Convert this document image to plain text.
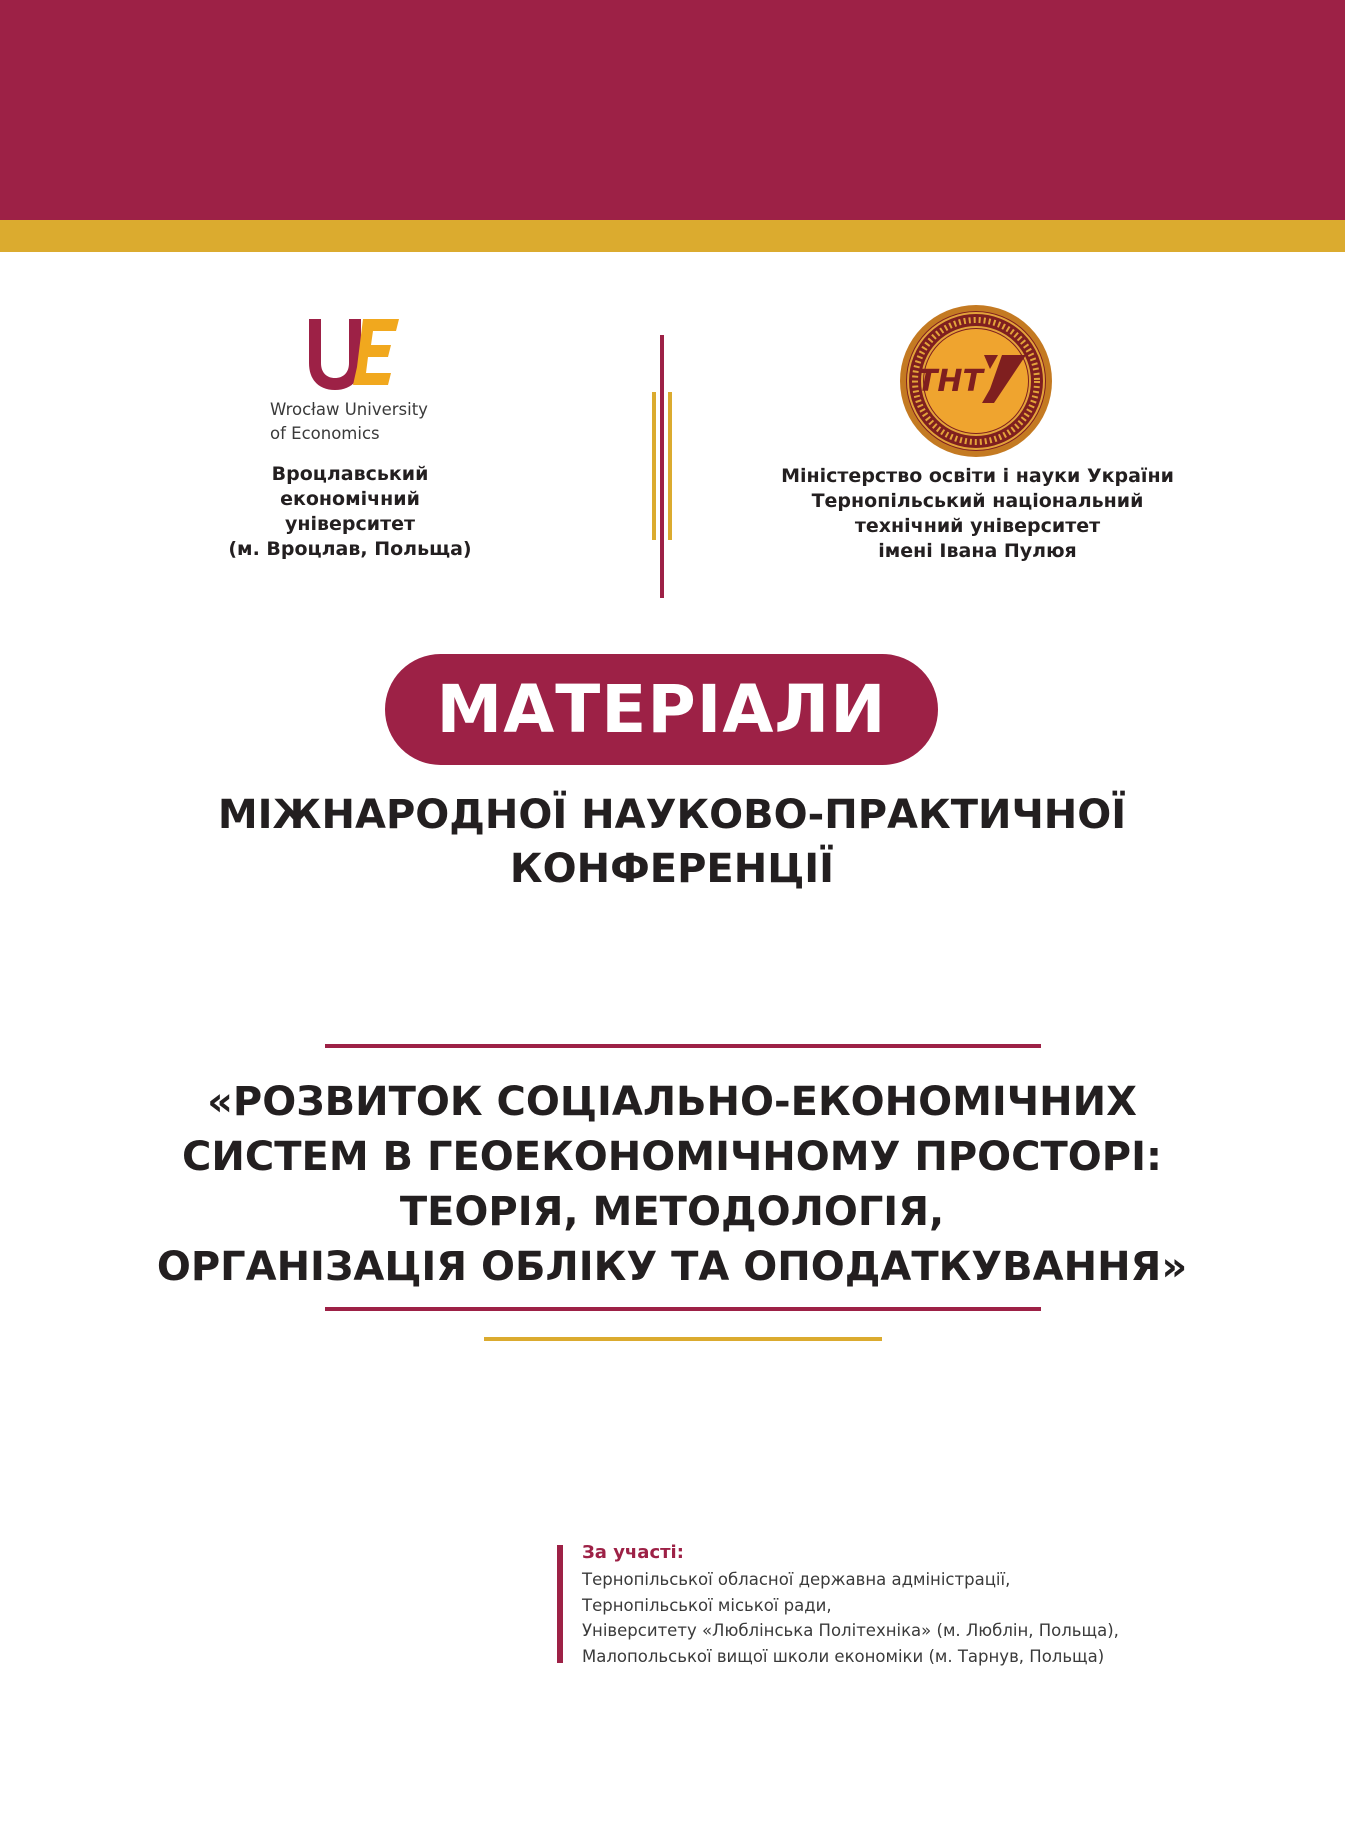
Wrocław University
of Economics
Вроцлавський
економічний
університет
(м. Вроцлав, Польща)
ТНТ
Міністерство освіти і науки України
Тернопільський національний
технічний університет
імені Івана Пулюя
МАТЕРІАЛИ
МІЖНАРОДНОЇ НАУКОВО-ПРАКТИЧНОЇ
КОНФЕРЕНЦІЇ
«РОЗВИТОК СОЦІАЛЬНО-ЕКОНОМІЧНИХ
СИСТЕМ В ГЕОЕКОНОМІЧНОМУ ПРОСТОРІ:
ТЕОРІЯ, МЕТОДОЛОГІЯ,
ОРГАНІЗАЦІЯ ОБЛІКУ ТА ОПОДАТКУВАННЯ»
За участі:
Тернопільської обласної державна адміністрації,
Тернопільської міської ради,
Університету «Люблінська Політехніка» (м. Люблін, Польща),
Малопольської вищої школи економіки (м. Тарнув, Польща)
